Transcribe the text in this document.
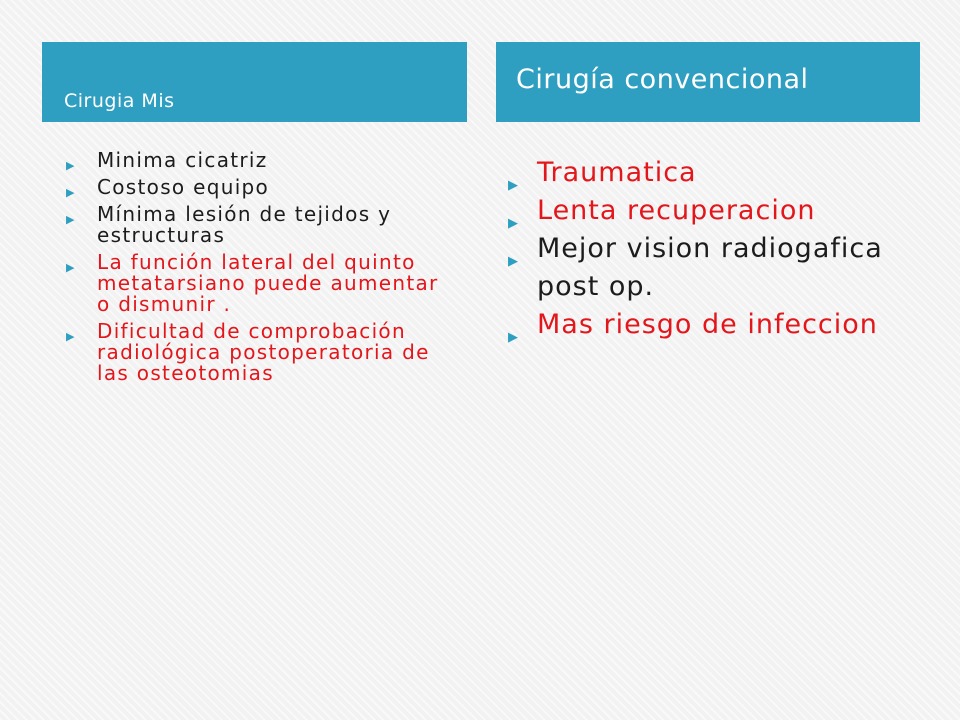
Cirugia Mis
Cirugía convencional
▶ Minima cicatriz
▶ Costoso equipo
▶ Mínima lesión de tejidos y estructuras
▶ La función lateral del quinto metatarsiano puede aumentar o dismunir .
▶ Dificultad de comprobación radiológica postoperatoria de las osteotomias
▶ Traumatica
▶ Lenta recuperacion
▶ Mejor vision radiogafica post op.
▶ Mas riesgo de infeccion
